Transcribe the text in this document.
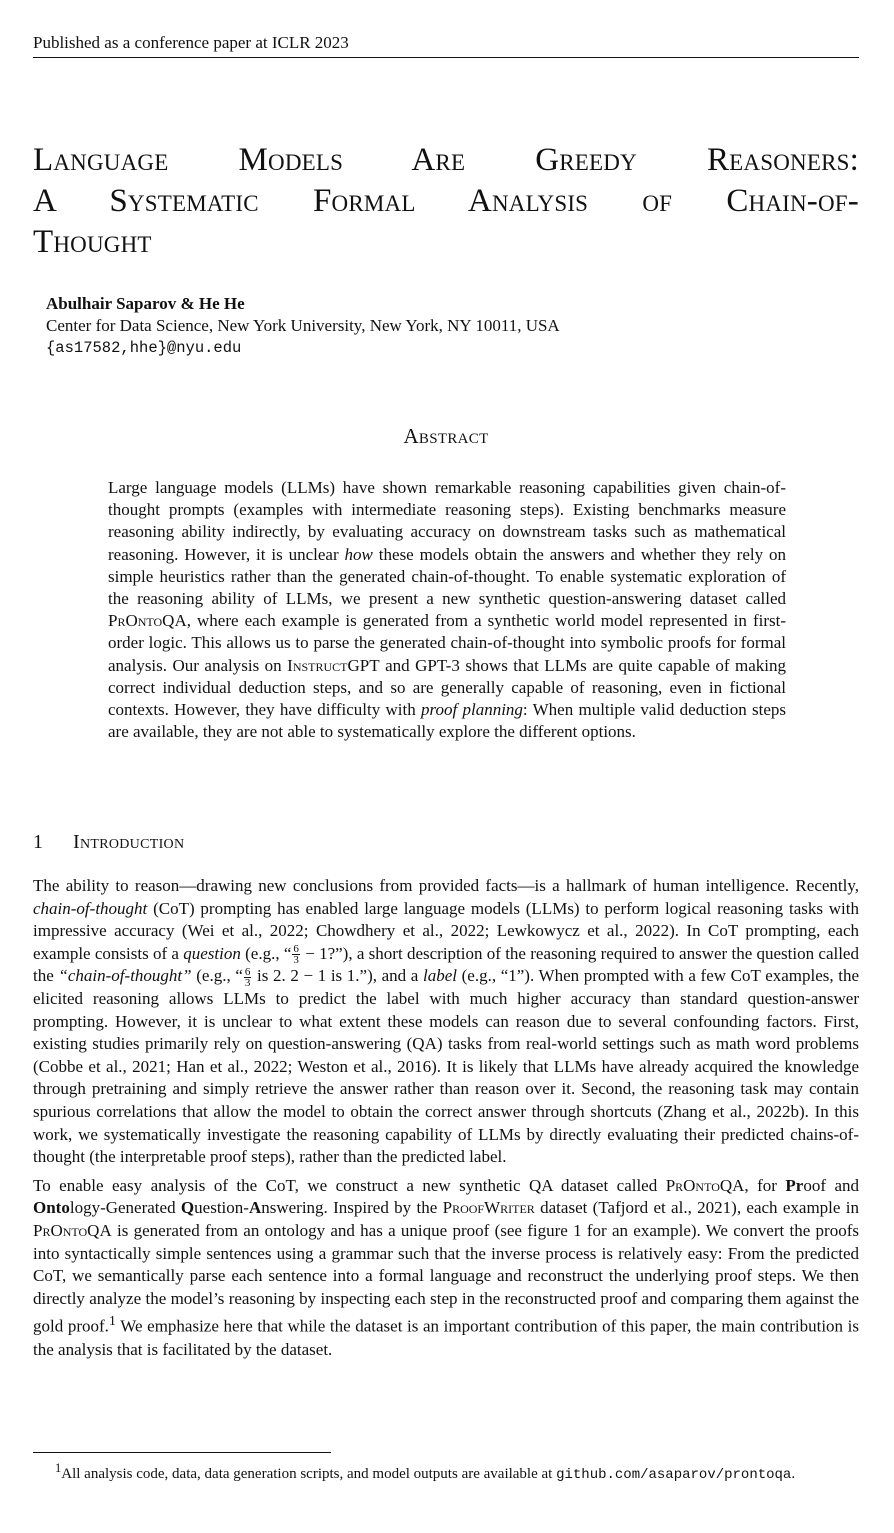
Published as a conference paper at ICLR 2023
Language Models Are Greedy Reasoners:
A Systematic Formal Analysis of Chain-of-
Thought
Abulhair Saparov & He He
Center for Data Science, New York University, New York, NY 10011, USA
{as17582,hhe}@nyu.edu
Abstract

Large language models (LLMs) have shown remarkable reasoning capabilities given chain-of-thought prompts (examples with intermediate reasoning steps). Existing benchmarks measure reasoning ability indirectly, by evaluating accuracy on downstream tasks such as mathematical reasoning. However, it is unclear how these models obtain the answers and whether they rely on simple heuristics rather than the generated chain-of-thought. To enable systematic exploration of the reasoning ability of LLMs, we present a new synthetic question-answering dataset called PrOntoQA, where each example is generated from a synthetic world model represented in first-order logic. This allows us to parse the generated chain-of-thought into symbolic proofs for formal analysis. Our analysis on InstructGPT and GPT-3 shows that LLMs are quite capable of making correct individual deduction steps, and so are generally capable of reasoning, even in fictional contexts. However, they have difficulty with proof planning: When multiple valid deduction steps are available, they are not able to systematically explore the different options.

1 Introduction

The ability to reason—drawing new conclusions from provided facts—is a hallmark of human intelligence. Recently, chain-of-thought (CoT) prompting has enabled large language models (LLMs) to perform logical reasoning tasks with impressive accuracy (Wei et al., 2022; Chowdhery et al., 2022; Lewkowycz et al., 2022). In CoT prompting, each example consists of a question (e.g., “ $\frac{6}{3}$ − 1?”), a short description of the reasoning required to answer the question called the “chain-of-thought” (e.g., “ $\frac{6}{3}$ is 2. 2 − 1 is 1.”), and a label (e.g., “1”). When prompted with a few CoT examples, the elicited reasoning allows LLMs to predict the label with much higher accuracy than standard question-answer prompting. However, it is unclear to what extent these models can reason due to several confounding factors. First, existing studies primarily rely on question-answering (QA) tasks from real-world settings such as math word problems (Cobbe et al., 2021; Han et al., 2022; Weston et al., 2016). It is likely that LLMs have already acquired the knowledge through pretraining and simply retrieve the answer rather than reason over it. Second, the reasoning task may contain spurious correlations that allow the model to obtain the correct answer through shortcuts (Zhang et al., 2022b). In this work, we systematically investigate the reasoning capability of LLMs by directly evaluating their predicted chains-of-thought (the interpretable proof steps), rather than the predicted label.

To enable easy analysis of the CoT, we construct a new synthetic QA dataset called PrOntoQA, for Proof and Ontology-Generated Question-Answering. Inspired by the ProofWriter dataset (Tafjord et al., 2021), each example in PrOntoQA is generated from an ontology and has a unique proof (see figure 1 for an example). We convert the proofs into syntactically simple sentences using a grammar such that the inverse process is relatively easy: From the predicted CoT, we semantically parse each sentence into a formal language and reconstruct the underlying proof steps. We then directly analyze the model’s reasoning by inspecting each step in the reconstructed proof and comparing them against the gold proof.$^1$ We emphasize here that while the dataset is an important contribution of this paper, the main contribution is the analysis that is facilitated by the dataset.

$^1$All analysis code, data, data generation scripts, and model outputs are available at github.com/asaparov/prontoqa.
